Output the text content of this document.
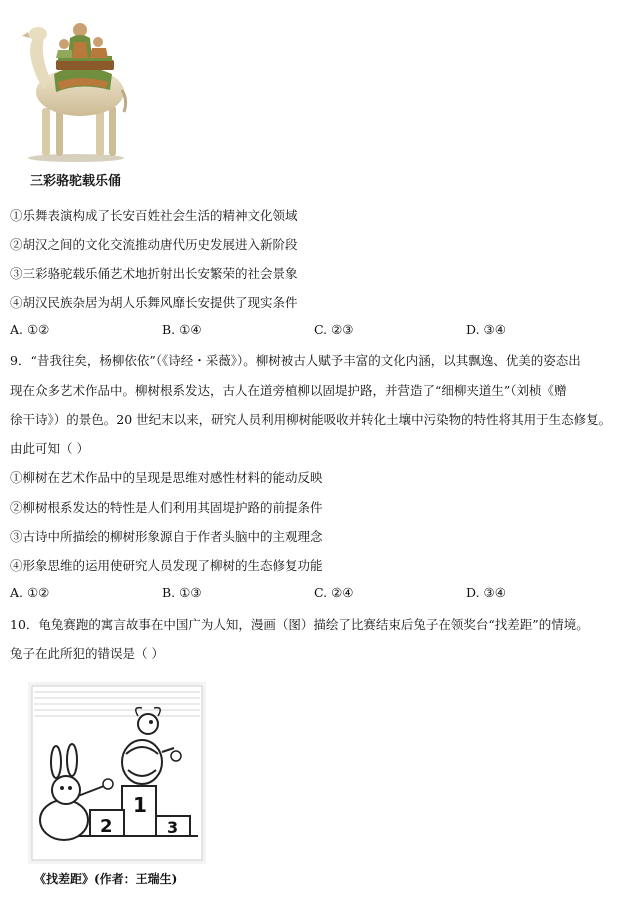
三彩骆驼载乐俑
①乐舞表演构成了长安百姓社会生活的精神文化领域
②胡汉之间的文化交流推动唐代历史发展进入新阶段
③三彩骆驼载乐俑艺术地折射出长安繁荣的社会景象
④胡汉民族杂居为胡人乐舞风靡长安提供了现实条件
A. ①②	B. ①④	C. ②③	D. ③④
9．“昔我往矣，杨柳依依”（《诗经・采薇》）。柳树被古人赋予丰富的文化内涵，以其飘逸、优美的姿态出
现在众多艺术作品中。柳树根系发达，古人在道旁植柳以固堤护路，并营造了“细柳夹道生”（刘桢《赠
徐干诗》）的景色。20 世纪末以来，研究人员利用柳树能吸收并转化土壤中污染物的特性将其用于生态修复。
由此可知（ ）
①柳树在艺术作品中的呈现是思维对感性材料的能动反映
②柳树根系发达的特性是人们利用其固堤护路的前提条件
③古诗中所描绘的柳树形象源自于作者头脑中的主观理念
④形象思维的运用使研究人员发现了柳树的生态修复功能
A. ①②	B. ①③	C. ②④	D. ③④
10．龟兔赛跑的寓言故事在中国广为人知，漫画（图）描绘了比赛结束后兔子在领奖台“找差距”的情境。
兔子在此所犯的错误是（ ）
1
2	3
《找差距》(作者：王瑞生)
